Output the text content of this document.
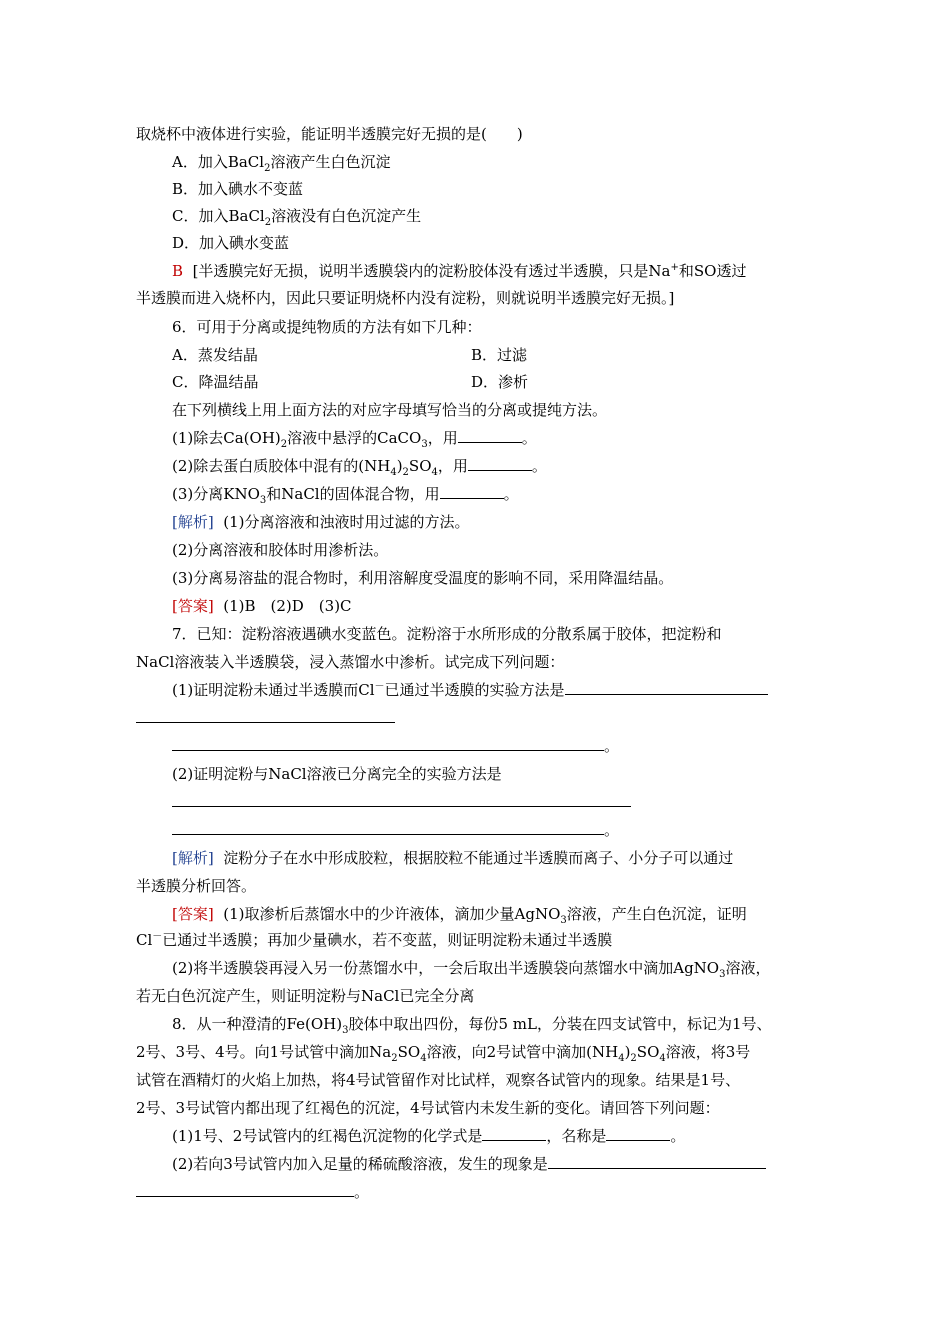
取烧杯中液体进行实验，能证明半透膜完好无损的是(　　)
A．加入BaCl$_2$溶液产生白色沉淀
B．加入碘水不变蓝
C．加入BaCl$_2$溶液没有白色沉淀产生
D．加入碘水变蓝
B [半透膜完好无损，说明半透膜袋内的淀粉胶体没有透过半透膜，只是Na+和SO透过
半透膜而进入烧杯内，因此只要证明烧杯内没有淀粉，则就说明半透膜完好无损。]
6．可用于分离或提纯物质的方法有如下几种：
A．蒸发结晶	B．过滤
C．降温结晶	D．渗析
在下列横线上用上面方法的对应字母填写恰当的分离或提纯方法。
(1)除去$Ca(OH)_2$溶液中悬浮的CaCO$_3$，用	。
(2)除去蛋白质胶体中混有的$(NH_4)_2SO_4$，用	。
(3)分离$KNO_3$和NaCl的固体混合物，用	。
[解析] (1)分离溶液和浊液时用过滤的方法。
(2)分离溶液和胶体时用渗析法。
(3)分离易溶盐的混合物时，利用溶解度受温度的影响不同，采用降温结晶。
[答案] (1)B　(2)D　(3)C
7．已知：淀粉溶液遇碘水变蓝色。淀粉溶于水所形成的分散系属于胶体，把淀粉和
NaCl溶液装入半透膜袋，浸入蒸馏水中渗析。试完成下列问题：
(1)证明淀粉未通过半透膜而Cl－已通过半透膜的实验方法是
。
(2)证明淀粉与NaCl溶液已分离完全的实验方法是
。
[解析] 淀粉分子在水中形成胶粒，根据胶粒不能通过半透膜而离子、小分子可以通过
半透膜分析回答。
[答案] (1)取渗析后蒸馏水中的少许液体，滴加少量AgNO$_3$溶液，产生白色沉淀，证明
Cl－已通过半透膜；再加少量碘水，若不变蓝，则证明淀粉未通过半透膜
(2)将半透膜袋再浸入另一份蒸馏水中，一会后取出半透膜袋向蒸馏水中滴加AgNO$_3$溶液，
若无白色沉淀产生，则证明淀粉与NaCl已完全分离
8．从一种澄清的$Fe(OH)_3$胶体中取出四份，每份5 mL，分装在四支试管中，标记为1号、
2号、3号、4号。向1号试管中滴加$Na_2SO_4$溶液，向2号试管中滴加$(NH_4)_2SO_4$溶液，将3号
试管在酒精灯的火焰上加热，将4号试管留作对比试样，观察各试管内的现象。结果是1号、
2号、3号试管内都出现了红褐色的沉淀，4号试管内未发生新的变化。请回答下列问题：
(1)1号、2号试管内的红褐色沉淀物的化学式是	，名称是	。
(2)若向3号试管内加入足量的稀硫酸溶液，发生的现象是
。
